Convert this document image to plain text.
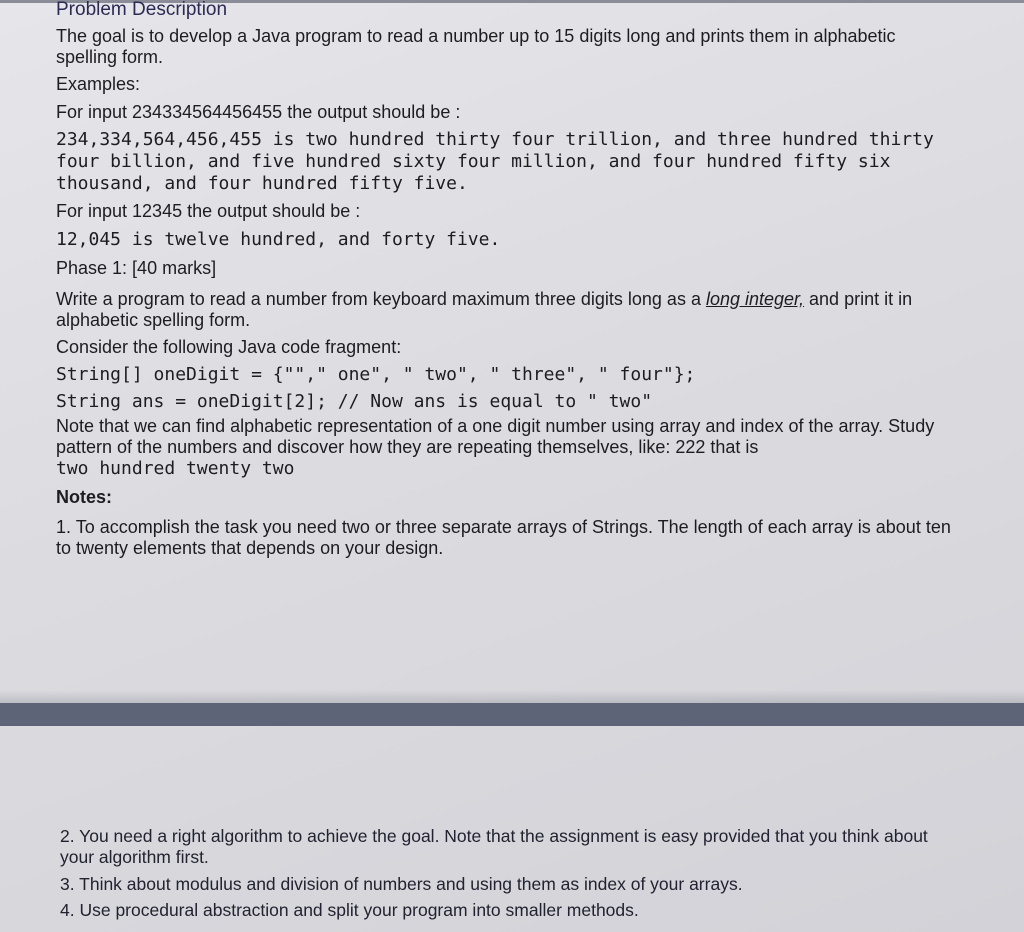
Problem Description

The goal is to develop a Java program to read a number up to 15 digits long and prints them in alphabetic spelling form.

Examples:

For input 234334564456455 the output should be :

234,334,564,456,455 is two hundred thirty four trillion, and three hundred thirty four billion, and five hundred sixty four million, and four hundred fifty six thousand, and four hundred fifty five.

For input 12345 the output should be :

12,045 is twelve hundred, and forty five.

Phase 1: [40 marks]

Write a program to read a number from keyboard maximum three digits long as a long integer, and print it in alphabetic spelling form.

Consider the following Java code fragment:

String[] oneDigit = {""," one", " two", " three", " four"};

String ans = oneDigit[2]; // Now ans is equal to " two"

Note that we can find alphabetic representation of a one digit number using array and index of the array. Study pattern of the numbers and discover how they are repeating themselves, like: 222 that is

two hundred twenty two

Notes:

1. To accomplish the task you need two or three separate arrays of Strings. The length of each array is about ten to twenty elements that depends on your design.

2. You need a right algorithm to achieve the goal. Note that the assignment is easy provided that you think about your algorithm first.

3. Think about modulus and division of numbers and using them as index of your arrays.

4. Use procedural abstraction and split your program into smaller methods.
